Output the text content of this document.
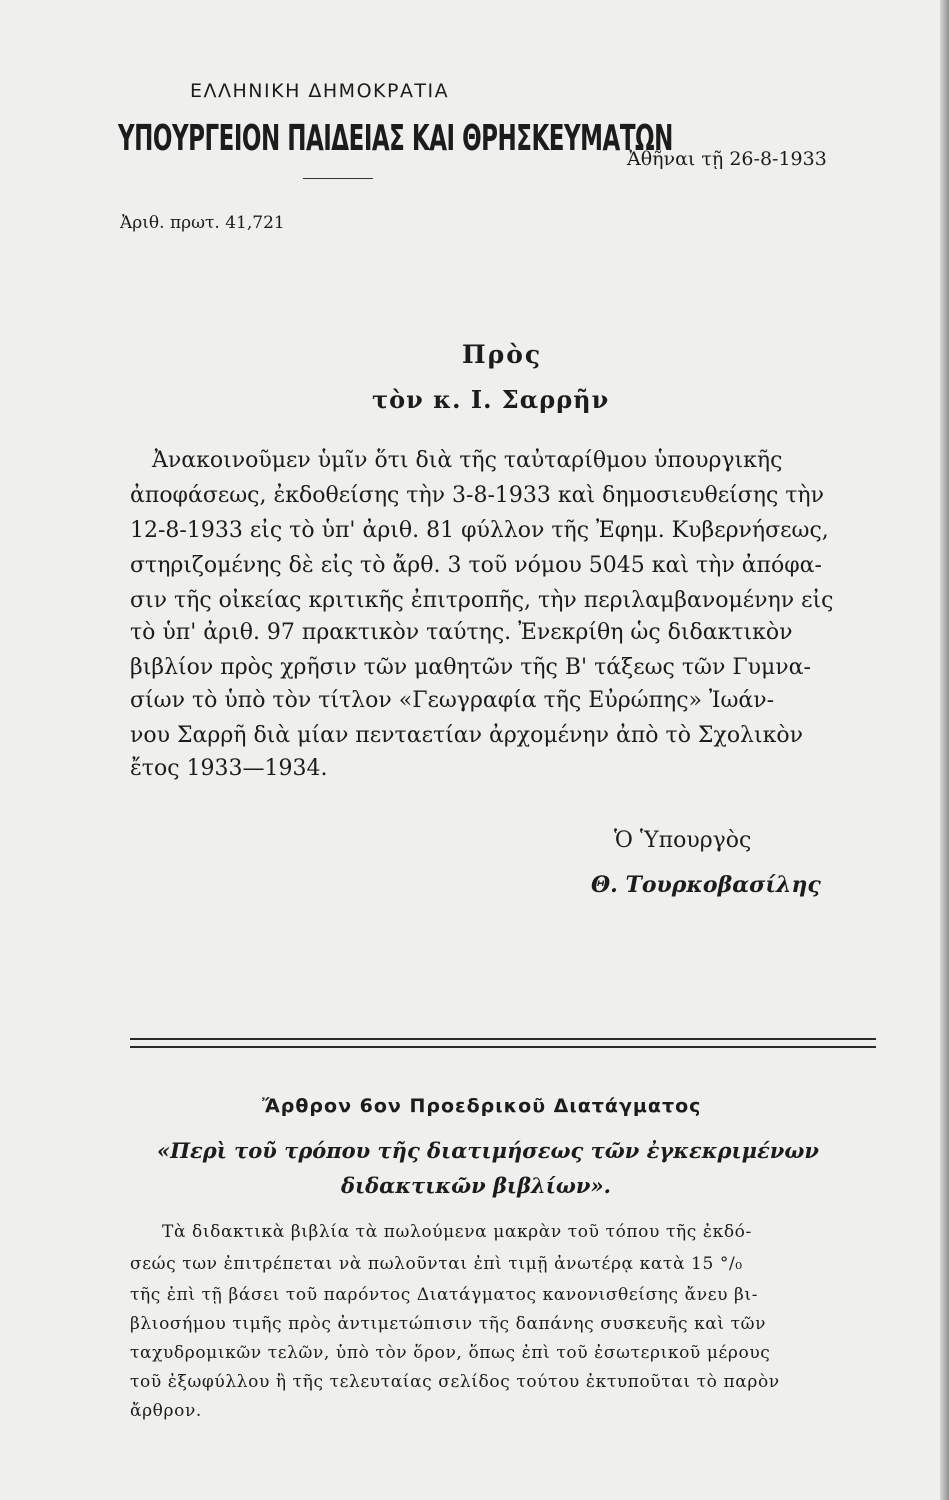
ΕΛΛΗΝΙΚΗ ΔΗΜΟΚΡΑΤΙΑ
ΥΠΟΥΡΓΕΙΟΝ ΠΑΙΔΕΙΑΣ ΚΑΙ ΘΡΗΣΚΕΥΜΑΤΩΝ
Ἀθῆναι τῇ 26-8-1933
Ἀριθ. πρωτ. 41,721
Πρὸς
τὸν κ. Ι. Σαρρῆν
Ἀνακοινοῦμεν ὑμῖν ὅτι διὰ τῆς ταὐταρίθμου ὑπουργικῆς
ἀποφάσεως, ἐκδοθείσης τὴν 3-8-1933 καὶ δημοσιευθείσης τὴν
12-8-1933 εἰς τὸ ὑπ' ἀριθ. 81 φύλλον τῆς Ἐφημ. Κυβερνήσεως,
στηριζομένης δὲ εἰς τὸ ἄρθ. 3 τοῦ νόμου 5045 καὶ τὴν ἀπόφα-
σιν τῆς οἰκείας κριτικῆς ἐπιτροπῆς, τὴν περιλαμβανομένην εἰς
τὸ ὑπ' ἀριθ. 97 πρακτικὸν ταύτης. Ἐνεκρίθη ὡς διδακτικὸν
βιβλίον πρὸς χρῆσιν τῶν μαθητῶν τῆς Β' τάξεως τῶν Γυμνα-
σίων τὸ ὑπὸ τὸν τίτλον «Γεωγραφία τῆς Εὐρώπης» Ἰωάν-
νου Σαρρῆ διὰ μίαν πενταετίαν ἀρχομένην ἀπὸ τὸ Σχολικὸν
ἔτος 1933—1934.
Ὁ Ὑπουργὸς
Θ. Τουρκοβασίλης
Ἄρθρον 6ον Προεδρικοῦ Διατάγματος
«Περὶ τοῦ τρόπου τῆς διατιμήσεως τῶν ἐγκεκριμένων
διδακτικῶν βιβλίων».
Τὰ διδακτικὰ βιβλία τὰ πωλούμενα μακρὰν τοῦ τόπου τῆς ἐκδό-
σεώς των ἐπιτρέπεται νὰ πωλοῦνται ἐπὶ τιμῇ ἀνωτέρᾳ κατὰ 15 °/₀
τῆς ἐπὶ τῇ βάσει τοῦ παρόντος Διατάγματος κανονισθείσης ἄνευ βι-
βλιοσήμου τιμῆς πρὸς ἀντιμετώπισιν τῆς δαπάνης συσκευῆς καὶ τῶν
ταχυδρομικῶν τελῶν, ὑπὸ τὸν ὅρον, ὅπως ἐπὶ τοῦ ἐσωτερικοῦ μέρους
τοῦ ἐξωφύλλου ἢ τῆς τελευταίας σελίδος τούτου ἐκτυποῦται τὸ παρὸν
ἄρθρον.
